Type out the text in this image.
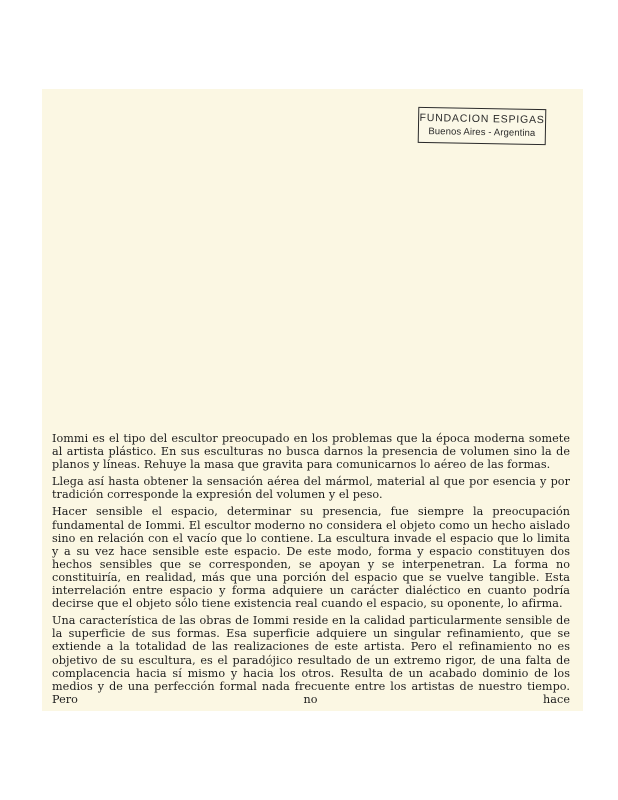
FUNDACION ESPIGAS
Buenos Aires - Argentina

Iommi es el tipo del escultor preocupado en los problemas que la época moderna somete al artista plástico. En sus esculturas no busca darnos la presencia de volumen sino la de planos y líneas. Rehuye la masa que gravita para comunicarnos lo aéreo de las formas.

Llega así hasta obtener la sensación aérea del mármol, material al que por esencia y por tradición corresponde la expresión del volumen y el peso.

Hacer sensible el espacio, determinar su presencia, fue siempre la preocupación fundamental de Iommi. El escultor moderno no considera el objeto como un hecho aislado sino en relación con el vacío que lo contiene. La escultura invade el espacio que lo limita y a su vez hace sensible este espacio. De este modo, forma y espacio constituyen dos hechos sensibles que se corresponden, se apoyan y se interpenetran. La forma no constituiría, en realidad, más que una porción del espacio que se vuelve tangible. Esta interrelación entre espacio y forma adquiere un carácter dialéctico en cuanto podría decirse que el objeto sólo tiene existencia real cuando el espacio, su oponente, lo afirma.

Una característica de las obras de Iommi reside en la calidad particularmente sensible de la superficie de sus formas. Esa superficie adquiere un singular refinamiento, que se extiende a la totalidad de las realizaciones de este artista. Pero el refinamiento no es objetivo de su escultura, es el paradójico resultado de un extremo rigor, de una falta de complacencia hacia sí mismo y hacia los otros. Resulta de un acabado dominio de los medios y de una perfección formal nada frecuente entre los artistas de nuestro tiempo. Pero no hace
